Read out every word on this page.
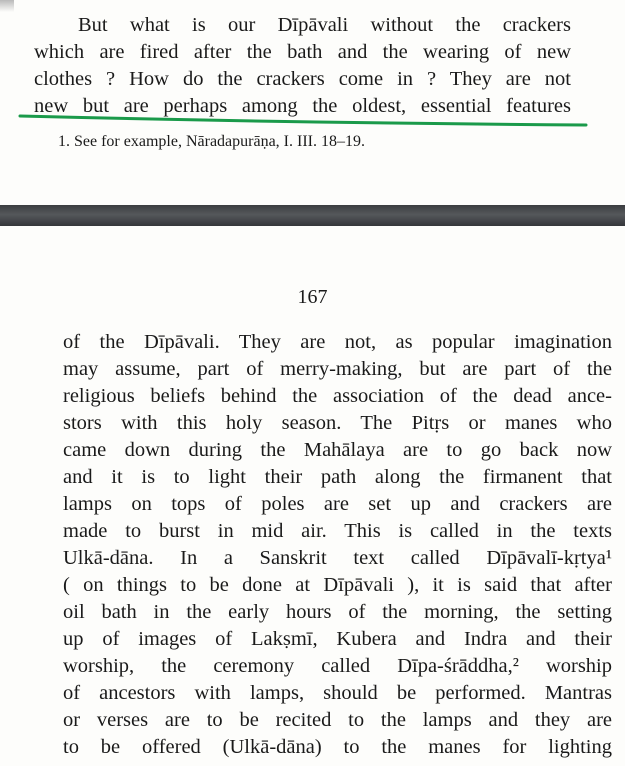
But what is our Dīpāvali without the crackers
which are fired after the bath and the wearing of new
clothes ? How do the crackers come in ? They are not
new but are perhaps among the oldest, essential features
1. See for example, Nāradapurāṇa, I. III. 18–19.
167
of the Dīpāvali. They are not, as popular imagination
may assume, part of merry-making, but are part of the
religious beliefs behind the association of the dead ance-
stors with this holy season. The Pitṛs or manes who
came down during the Mahālaya are to go back now
and it is to light their path along the firmanent that
lamps on tops of poles are set up and crackers are
made to burst in mid air. This is called in the texts
Ulkā-dāna. In a Sanskrit text called Dīpāvalī-kṛtya¹
( on things to be done at Dīpāvali ), it is said that after
oil bath in the early hours of the morning, the setting
up of images of Lakṣmī, Kubera and Indra and their
worship, the ceremony called Dīpa-śrāddha,² worship
of ancestors with lamps, should be performed. Mantras
or verses are to be recited to the lamps and they are
to be offered (Ulkā-dāna) to the manes for lighting
